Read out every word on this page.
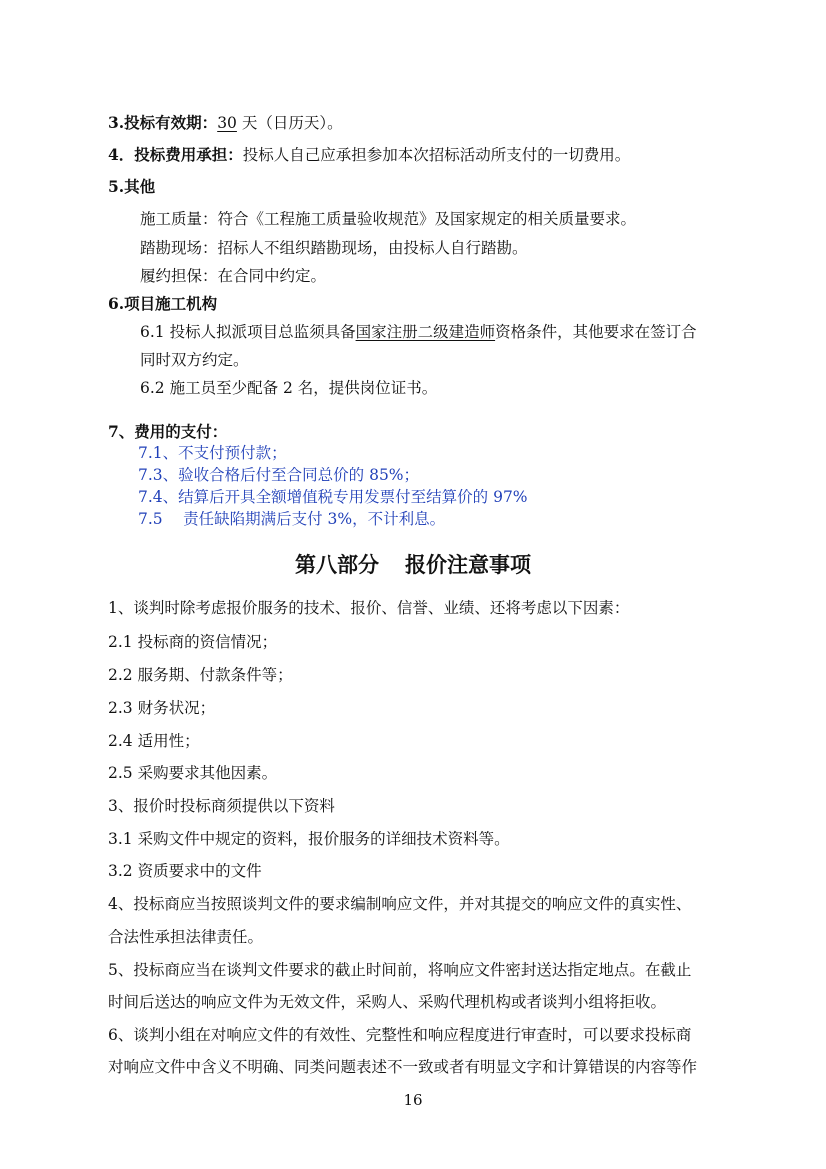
3.投标有效期：30 天（日历天）。
4．投标费用承担：投标人自己应承担参加本次招标活动所支付的一切费用。
5.其他
施工质量：符合《工程施工质量验收规范》及国家规定的相关质量要求。
踏勘现场：招标人不组织踏勘现场，由投标人自行踏勘。
履约担保：在合同中约定。
6.项目施工机构
6.1 投标人拟派项目总监须具备国家注册二级建造师资格条件，其他要求在签订合
同时双方约定。
6.2 施工员至少配备 2 名，提供岗位证书。
7、费用的支付：
7.1、不支付预付款；
7.3、验收合格后付至合同总价的 85%；
7.4、结算后开具全额增值税专用发票付至结算价的 97%
7.5　 责任缺陷期满后支付 3%，不计利息。
第八部分 报价注意事项
1、谈判时除考虑报价服务的技术、报价、信誉、业绩、还将考虑以下因素：
2.1 投标商的资信情况；
2.2 服务期、付款条件等；
2.3 财务状况；
2.4 适用性；
2.5 采购要求其他因素。
3、报价时投标商须提供以下资料
3.1 采购文件中规定的资料，报价服务的详细技术资料等。
3.2 资质要求中的文件
4、投标商应当按照谈判文件的要求编制响应文件，并对其提交的响应文件的真实性、
合法性承担法律责任。
5、投标商应当在谈判文件要求的截止时间前，将响应文件密封送达指定地点。在截止
时间后送达的响应文件为无效文件，采购人、采购代理机构或者谈判小组将拒收。
6、谈判小组在对响应文件的有效性、完整性和响应程度进行审查时，可以要求投标商
对响应文件中含义不明确、同类问题表述不一致或者有明显文字和计算错误的内容等作
16
